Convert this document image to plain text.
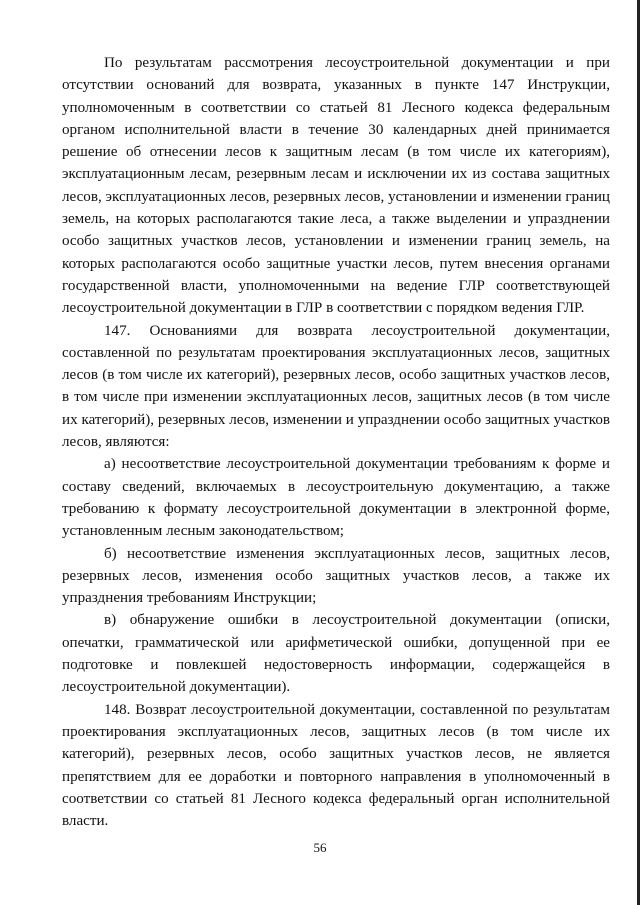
По результатам рассмотрения лесоустроительной документации и при отсутствии оснований для возврата, указанных в пункте 147 Инструкции, уполномоченным в соответствии со статьей 81 Лесного кодекса федеральным органом исполнительной власти в течение 30 календарных дней принимается решение об отнесении лесов к защитным лесам (в том числе их категориям), эксплуатационным лесам, резервным лесам и исключении их из состава защитных лесов, эксплуатационных лесов, резервных лесов, установлении и изменении границ земель, на которых располагаются такие леса, а также выделении и упразднении особо защитных участков лесов, установлении и изменении границ земель, на которых располагаются особо защитные участки лесов, путем внесения органами государственной власти, уполномоченными на ведение ГЛР соответствующей лесоустроительной документации в ГЛР в соответствии с порядком ведения ГЛР.

147. Основаниями для возврата лесоустроительной документации, составленной по результатам проектирования эксплуатационных лесов, защитных лесов (в том числе их категорий), резервных лесов, особо защитных участков лесов, в том числе при изменении эксплуатационных лесов, защитных лесов (в том числе их категорий), резервных лесов, изменении и упразднении особо защитных участков лесов, являются:

а) несоответствие лесоустроительной документации требованиям к форме и составу сведений, включаемых в лесоустроительную документацию, а также требованию к формату лесоустроительной документации в электронной форме, установленным лесным законодательством;

б) несоответствие изменения эксплуатационных лесов, защитных лесов, резервных лесов, изменения особо защитных участков лесов, а также их упразднения требованиям Инструкции;

в) обнаружение ошибки в лесоустроительной документации (описки, опечатки, грамматической или арифметической ошибки, допущенной при ее подготовке и повлекшей недостоверность информации, содержащейся в лесоустроительной документации).

148. Возврат лесоустроительной документации, составленной по результатам проектирования эксплуатационных лесов, защитных лесов (в том числе их категорий), резервных лесов, особо защитных участков лесов, не является препятствием для ее доработки и повторного направления в уполномоченный в соответствии со статьей 81 Лесного кодекса федеральный орган исполнительной власти.

56
